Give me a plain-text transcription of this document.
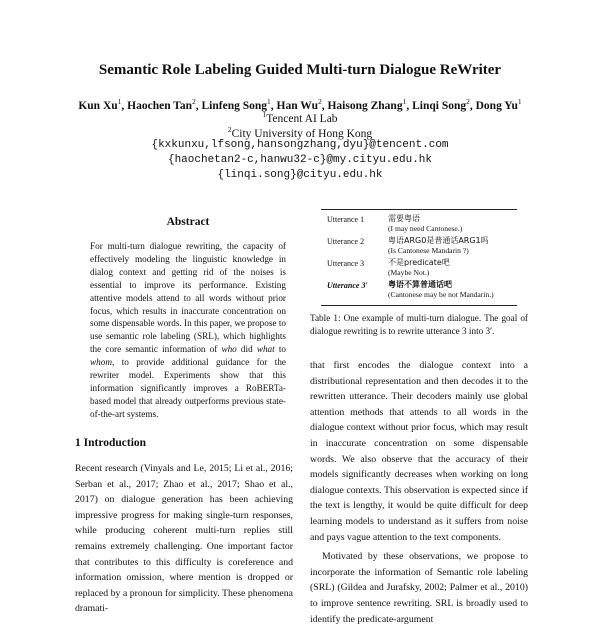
Semantic Role Labeling Guided Multi-turn Dialogue ReWriter
Kun Xu$^1$, Haochen Tan$^2$, Linfeng Song$^1$, Han Wu$^2$, Haisong Zhang$^1$, Linqi Song$^2$, Dong Yu$^1$
$^1$Tencent AI Lab
$^2$City University of Hong Kong
{kxkunxu,lfsong,hansongzhang,dyu}@tencent.com
{haochetan2-c,hanwu32-c}@my.cityu.edu.hk
{linqi.song}@cityu.edu.hk
Abstract
For multi-turn dialogue rewriting, the capacity of effectively modeling the linguistic knowledge in dialog context and getting rid of the noises is essential to improve its performance. Existing attentive models attend to all words without prior focus, which results in inaccurate concentration on some dispensable words. In this paper, we propose to use semantic role labeling (SRL), which highlights the core semantic information of who did what to whom, to provide additional guidance for the rewriter model. Experiments show that this information significantly improves a RoBERTa-based model that already outperforms previous state-of-the-art systems.
1 Introduction
Recent research (Vinyals and Le, 2015; Li et al., 2016; Serban et al., 2017; Zhao et al., 2017; Shao et al., 2017) on dialogue generation has been achieving impressive progress for making single-turn responses, while producing coherent multi-turn replies still remains extremely challenging. One important factor that contributes to this difficulty is coreference and information omission, where mention is dropped or replaced by a pronoun for simplicity. These phenomena dramati-
Utterance 1	需要粤语
(I may need Cantonese.)
Utterance 2	粤语ARG0是普通话ARG1吗
(Is Cantonese Mandarin ?)
Utterance 3	不是predicate吧
(Maybe Not.)
Utterance 3′	粤语不算普通话吧
(Cantonese may be not Mandarin.)
Table 1: One example of multi-turn dialogue. The goal of dialogue rewriting is to rewrite utterance 3 into 3′.

that first encodes the dialogue context into a distributional representation and then decodes it to the rewritten utterance. Their decoders mainly use global attention methods that attends to all words in the dialogue context without prior focus, which may result in inaccurate concentration on some dispensable words. We also observe that the accuracy of their models significantly decreases when working on long dialogue contexts. This observation is expected since if the text is lengthy, it would be quite difficult for deep learning models to understand as it suffers from noise and pays vague attention to the text components.

Motivated by these observations, we propose to incorporate the information of Semantic role labeling (SRL) (Gildea and Jurafsky, 2002; Palmer et al., 2010) to improve sentence rewriting. SRL is broadly used to identify the predicate-argument
